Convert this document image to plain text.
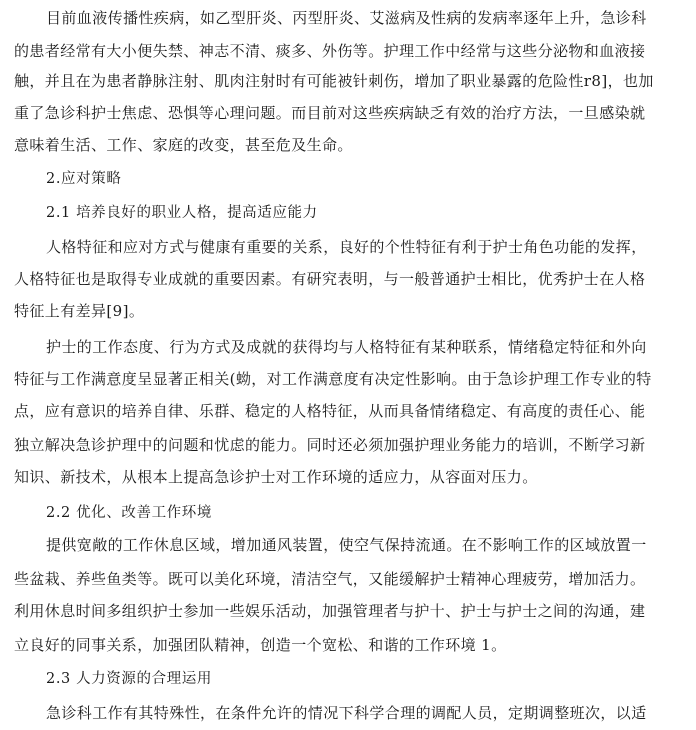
目前血液传播性疾病，如乙型肝炎、丙型肝炎、艾滋病及性病的发病率逐年上升，急诊科
的患者经常有大小便失禁、神志不清、痰多、外伤等。护理工作中经常与这些分泌物和血液接
触，并且在为患者静脉注射、肌肉注射时有可能被针刺伤，增加了职业暴露的危险性r8]，也加
重了急诊科护士焦虑、恐惧等心理问题。而目前对这些疾病缺乏有效的治疗方法，一旦感染就
意味着生活、工作、家庭的改变，甚至危及生命。
2.应对策略
2.1 培养良好的职业人格，提高适应能力
人格特征和应对方式与健康有重要的关系，良好的个性特征有利于护士角色功能的发挥，
人格特征也是取得专业成就的重要因素。有研究表明，与一般普通护士相比，优秀护士在人格
特征上有差异[9]。
护士的工作态度、行为方式及成就的获得均与人格特征有某种联系，情绪稳定特征和外向
特征与工作满意度呈显著正相关(蚴，对工作满意度有决定性影响。由于急诊护理工作专业的特
点，应有意识的培养自律、乐群、稳定的人格特征，从而具备情绪稳定、有高度的责任心、能
独立解决急诊护理中的问题和忧虑的能力。同时还必须加强护理业务能力的培训，不断学习新
知识、新技术，从根本上提高急诊护士对工作环境的适应力，从容面对压力。
2.2 优化、改善工作环境
提供宽敞的工作休息区域，增加通风装置，使空气保持流通。在不影响工作的区域放置一
些盆栽、养些鱼类等。既可以美化环境，清洁空气，又能缓解护士精神心理疲劳，增加活力。
利用休息时间多组织护士参加一些娱乐活动，加强管理者与护十、护士与护士之间的沟通，建
立良好的同事关系，加强团队精神，创造一个宽松、和谐的工作环境 1。
2.3 人力资源的合理运用
急诊科工作有其特殊性，在条件允许的情况下科学合理的调配人员，定期调整班次，以适
